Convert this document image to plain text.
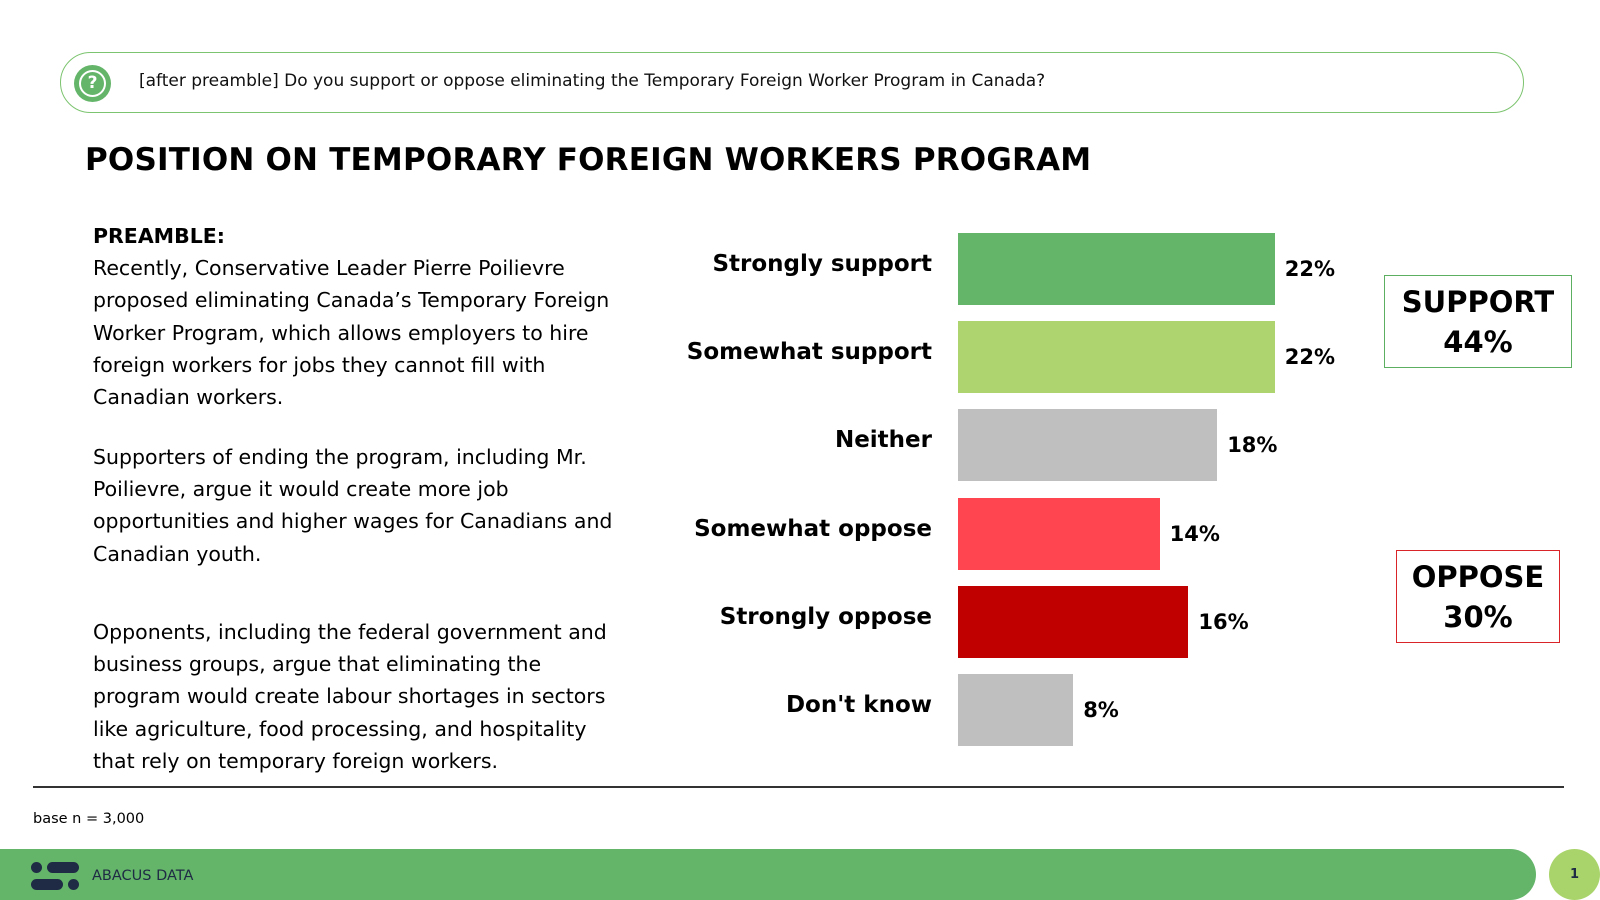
?	[after preamble] Do you support or oppose eliminating the Temporary Foreign Worker Program in Canada?
POSITION ON TEMPORARY FOREIGN WORKERS PROGRAM
PREAMBLE:
Recently, Conservative Leader Pierre Poilievre proposed eliminating Canada’s Temporary Foreign Worker Program, which allows employers to hire foreign workers for jobs they cannot fill with Canadian workers.
Supporters of ending the program, including Mr. Poilievre, argue it would create more job opportunities and higher wages for Canadians and Canadian youth.
Opponents, including the federal government and business groups, argue that eliminating the program would create labour shortages in sectors like agriculture, food processing, and hospitality that rely on temporary foreign workers.
Strongly support	22%
Somewhat support	22%
Neither	18%
Somewhat oppose	14%
Strongly oppose	16%
Don't know	8%
SUPPORT
44%
OPPOSE
30%
base n = 3,000
ABACUS DATA	1
